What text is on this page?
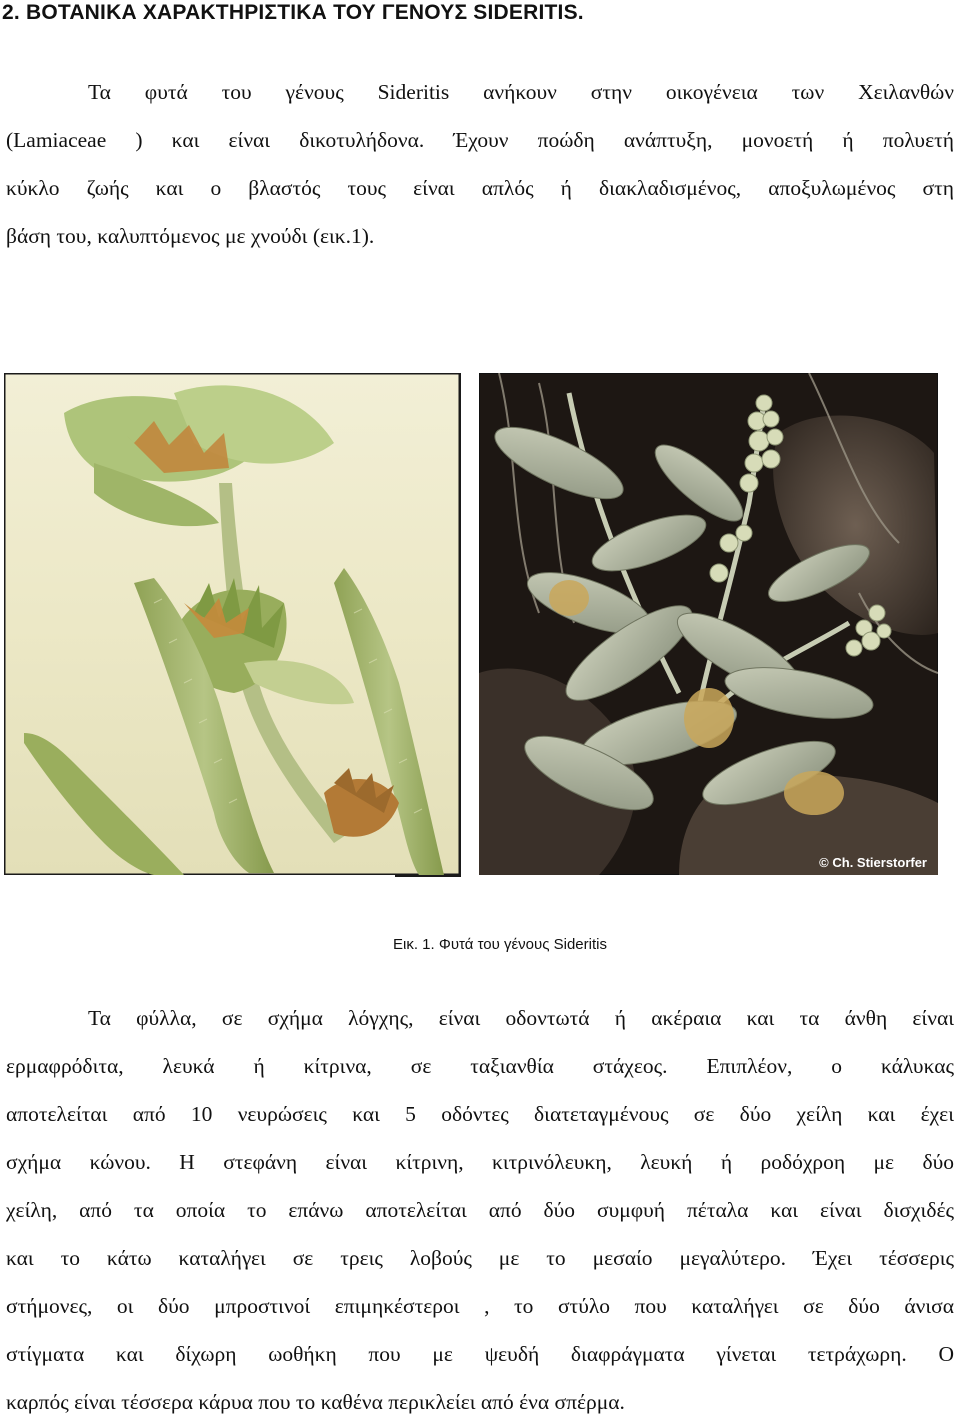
2. ΒΟΤΑΝΙΚΑ ΧΑΡΑΚΤΗΡΙΣΤΙΚΑ ΤΟΥ ΓΕΝΟΥΣ SIDERITIS.
Τα φυτά του γένους Sideritis ανήκουν στην οικογένεια των Χειλανθών
(Lamiaceae ) και είναι δικοτυλήδονα. Έχουν ποώδη ανάπτυξη, μονοετή ή πολυετή
κύκλο ζωής και ο βλαστός τους είναι απλός ή διακλαδισμένος, αποξυλωμένος στη
βάση του, καλυπτόμενος με χνούδι (εικ.1).
© Ch. Stierstorfer
Εικ. 1. Φυτά του γένους Sideritis
Τα φύλλα, σε σχήμα λόγχης, είναι οδοντωτά ή ακέραια και τα άνθη είναι
ερμαφρόδιτα, λευκά ή κίτρινα, σε ταξιανθία στάχεος. Επιπλέον, ο κάλυκας
αποτελείται από 10 νευρώσεις και 5 οδόντες διατεταγμένους σε δύο χείλη και έχει
σχήμα κώνου. Η στεφάνη είναι κίτρινη, κιτρινόλευκη, λευκή ή ροδόχροη με δύο
χείλη, από τα οποία το επάνω αποτελείται από δύο συμφυή πέταλα και είναι δισχιδές
και το κάτω καταλήγει σε τρεις λοβούς με το μεσαίο μεγαλύτερο. Έχει τέσσερις
στήμονες, οι δύο μπροστινοί επιμηκέστεροι , το στύλο που καταλήγει σε δύο άνισα
στίγματα και δίχωρη ωοθήκη που με ψευδή διαφράγματα γίνεται τετράχωρη. Ο
καρπός είναι τέσσερα κάρυα που το καθένα περικλείει από ένα σπέρμα.
